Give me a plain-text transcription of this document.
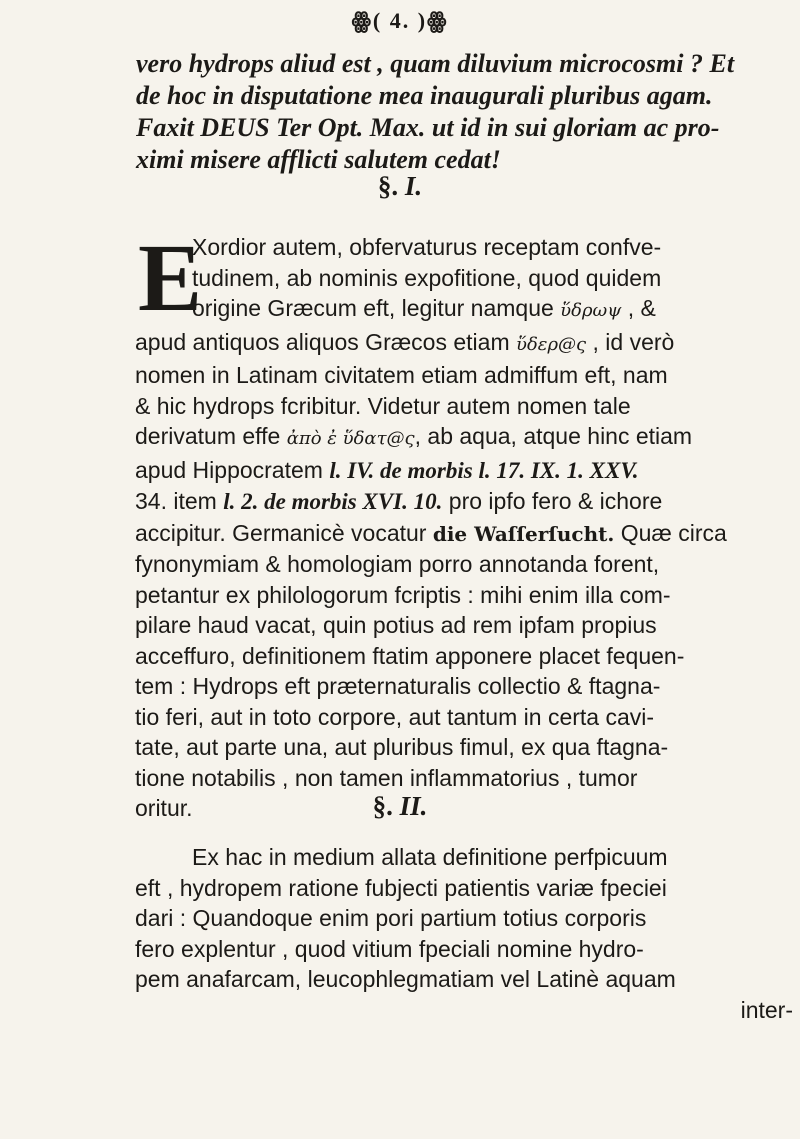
ꙮ( 4. )ꙮ

vero hydrops aliud est , quam diluvium microcosmi ? Et
de hoc in disputatione mea inaugurali pluribus agam.
Faxit DEUS Ter Opt. Max. ut id in sui gloriam ac pro-
ximi misere afflicti salutem cedat!

§. I.
E

Xordior autem, obfervaturus receptam confve-
tudinem, ab nominis expofitione, quod quidem
origine Græcum eft, legitur namque ὕδρωψ , &
apud antiquos aliquos Græcos etiam ὕδερ@ς , id verò
nomen in Latinam civitatem etiam admiffum eft, nam
& hic hydrops fcribitur. Videtur autem nomen tale
derivatum effe ἀπὸ ἐ ὕδατ@ς, ab aqua, atque hinc etiam
apud Hippocratem l. IV. de morbis l. 17. IX. 1. XXV.
34. item l. 2. de morbis XVI. 10. pro ipfo fero & ichore
accipitur. Germanicè vocatur die Waſſerſucht. Quæ circa
fynonymiam & homologiam porro annotanda forent,
petantur ex philologorum fcriptis : mihi enim illa com-
pilare haud vacat, quin potius ad rem ipfam propius
acceffuro, definitionem ftatim apponere placet fequen-
tem : Hydrops eft præternaturalis collectio & ftagna-
tio feri, aut in toto corpore, aut tantum in certa cavi-
tate, aut parte una, aut pluribus fimul, ex qua ftagna-
tione notabilis , non tamen inflammatorius , tumor
oritur.	§. II.

Ex hac in medium allata definitione perfpicuum
eft , hydropem ratione fubjecti patientis variæ fpeciei
dari : Quandoque enim pori partium totius corporis
fero explentur , quod vitium fpeciali nomine hydro-
pem anafarcam, leucophlegmatiam vel Latinè aquam
inter-
